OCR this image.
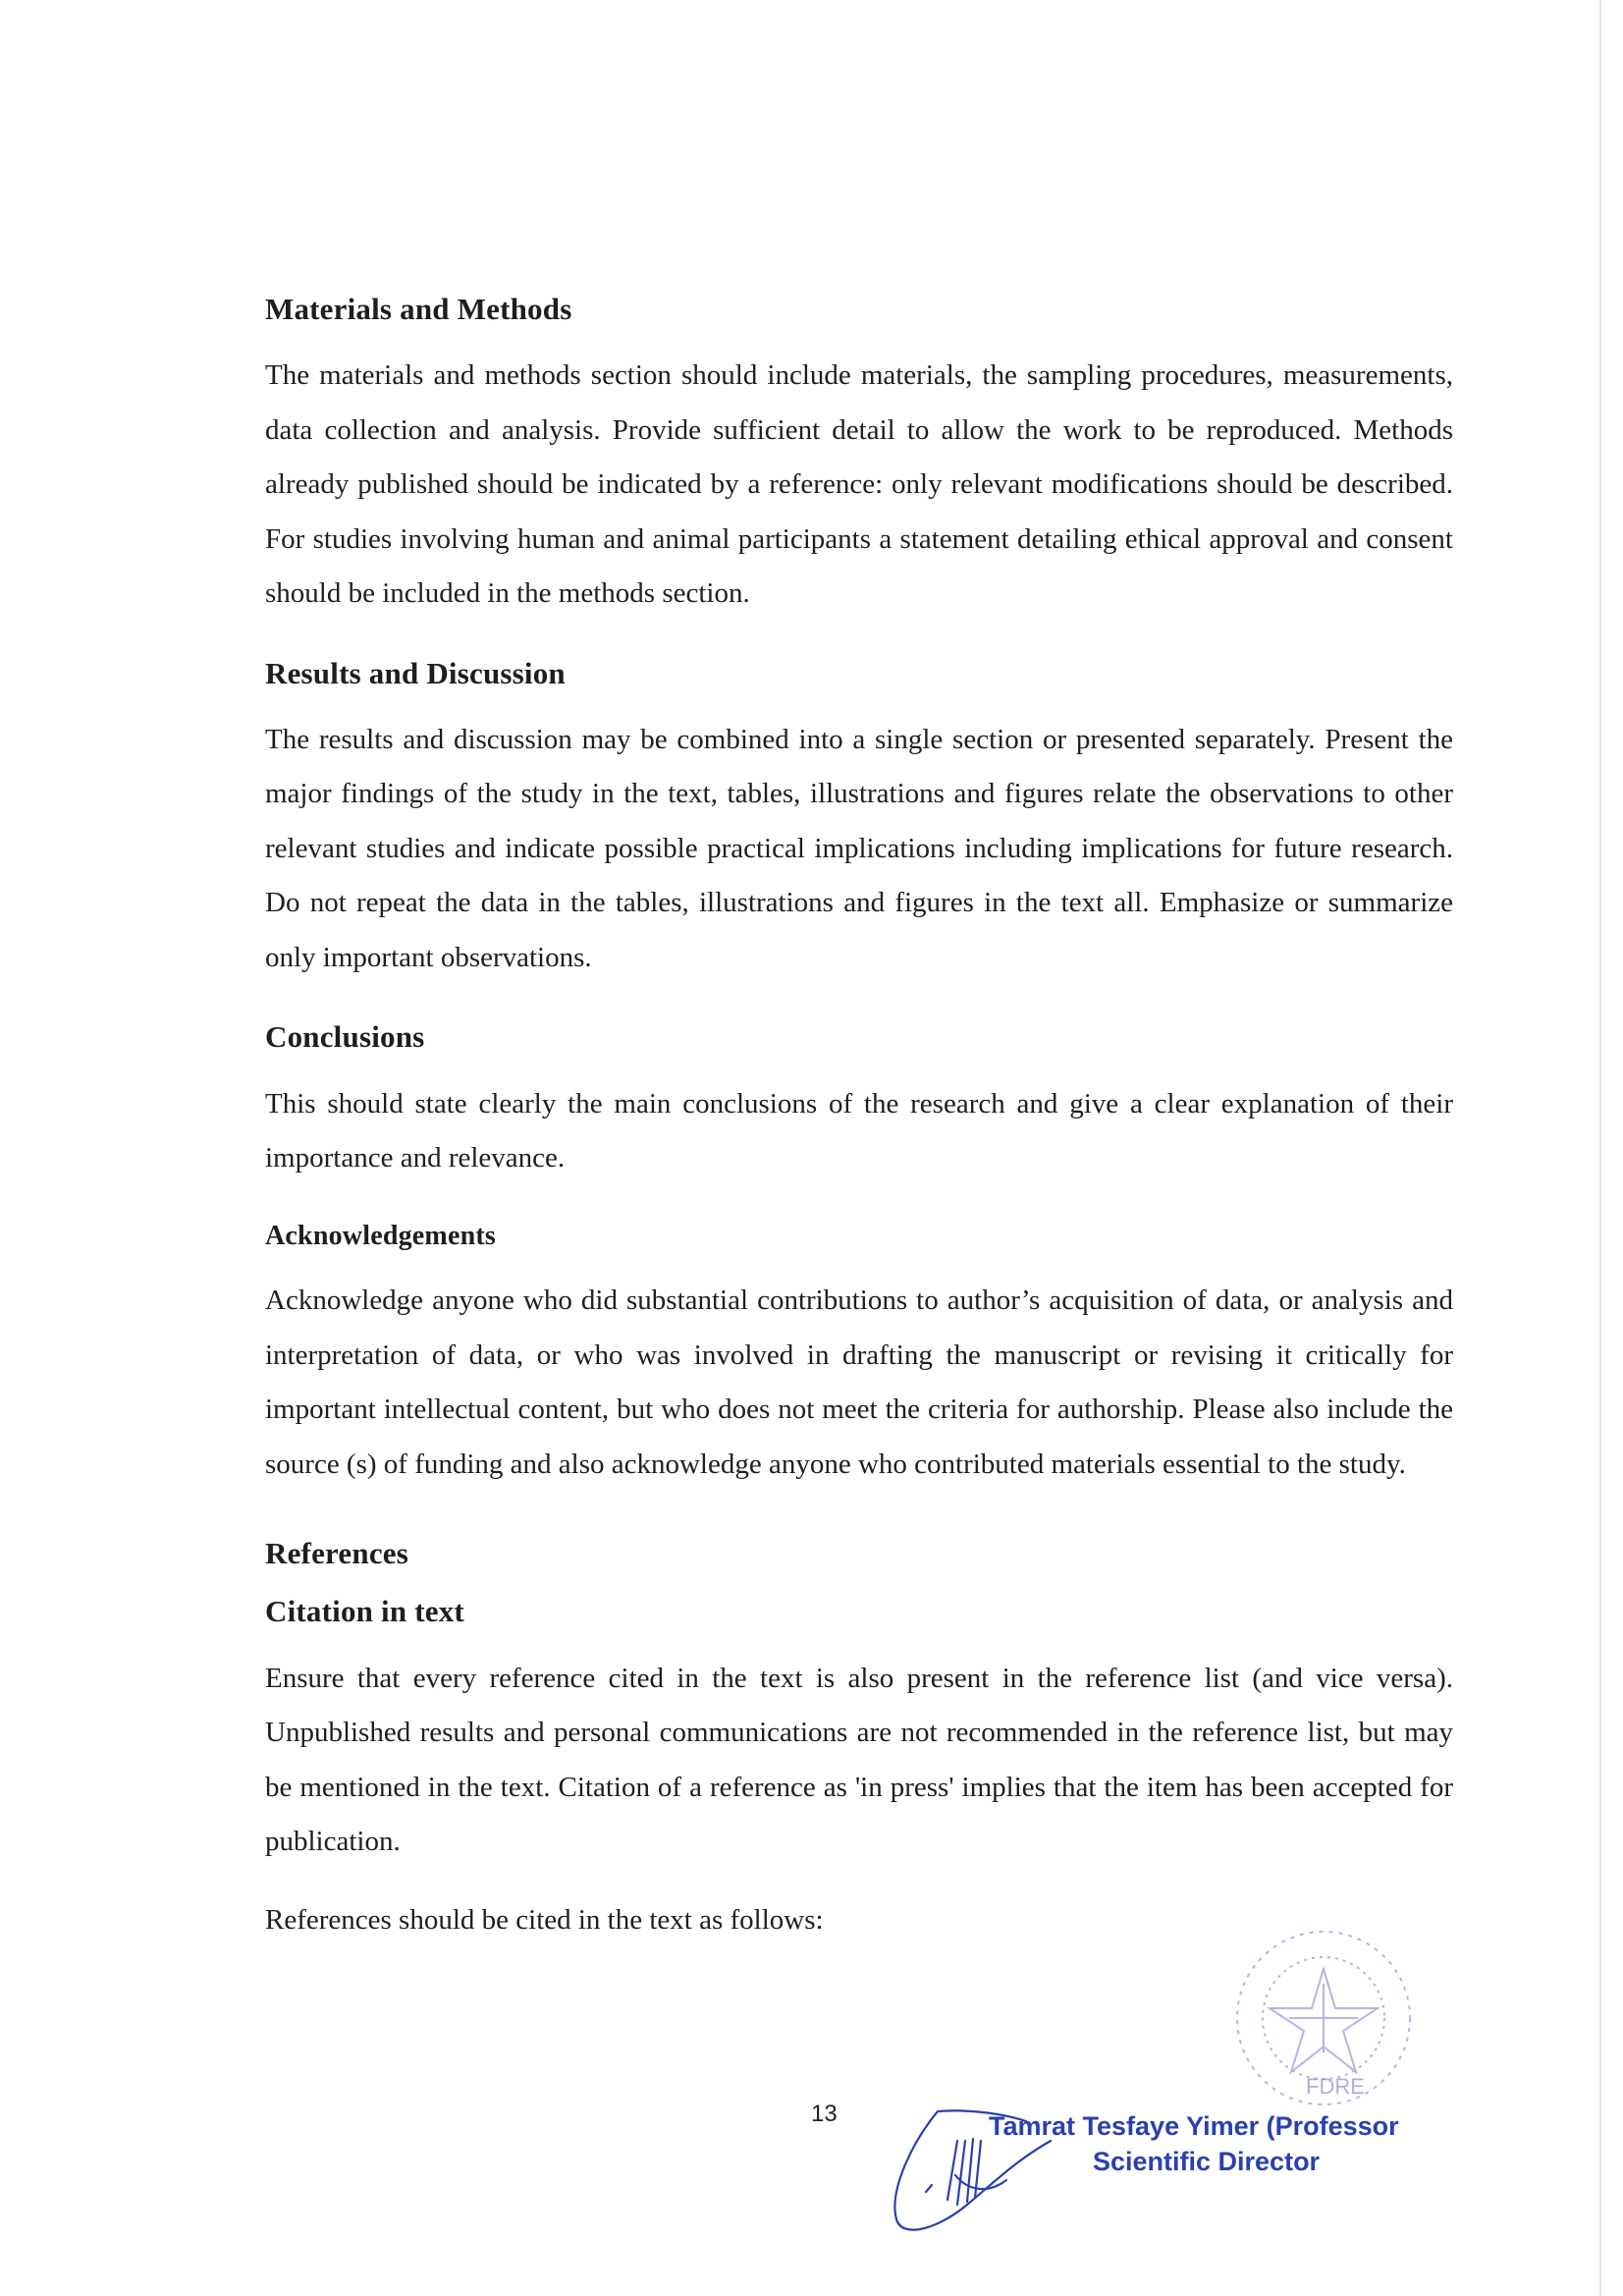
Materials and Methods

The materials and methods section should include materials, the sampling procedures, measurements, data collection and analysis. Provide sufficient detail to allow the work to be reproduced. Methods already published should be indicated by a reference: only relevant modifications should be described. For studies involving human and animal participants a statement detailing ethical approval and consent should be included in the methods section.

Results and Discussion

The results and discussion may be combined into a single section or presented separately. Present the major findings of the study in the text, tables, illustrations and figures relate the observations to other relevant studies and indicate possible practical implications including implications for future research. Do not repeat the data in the tables, illustrations and figures in the text all. Emphasize or summarize only important observations.

Conclusions

This should state clearly the main conclusions of the research and give a clear explanation of their importance and relevance.

Acknowledgements

Acknowledge anyone who did substantial contributions to author’s acquisition of data, or analysis and interpretation of data, or who was involved in drafting the manuscript or revising it critically for important intellectual content, but who does not meet the criteria for authorship. Please also include the source (s) of funding and also acknowledge anyone who contributed materials essential to the study.

References
Citation in text

Ensure that every reference cited in the text is also present in the reference list (and vice versa). Unpublished results and personal communications are not recommended in the reference list, but may be mentioned in the text. Citation of a reference as 'in press' implies that the item has been accepted for publication.

References should be cited in the text as follows:

13
FDRE
Tamrat Tesfaye Yimer (Professor
Scientific Director
